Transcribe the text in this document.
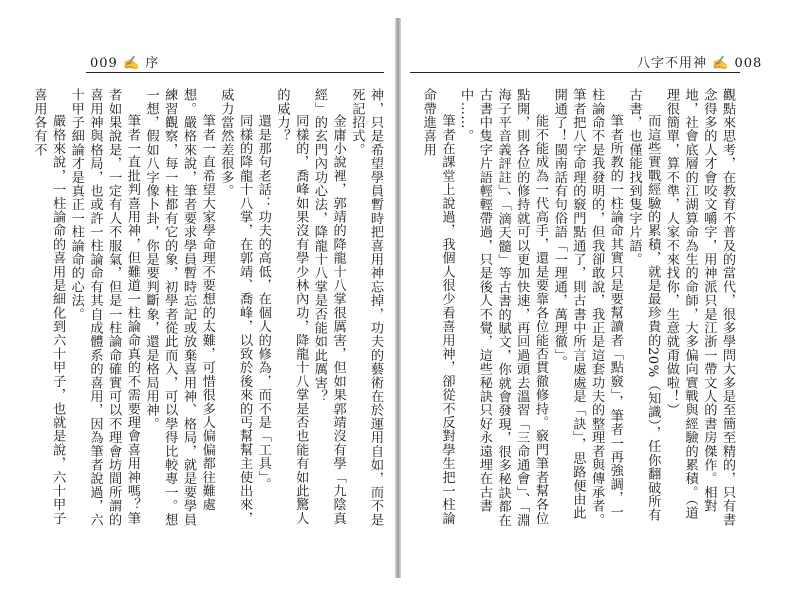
009 ✍ 序	八字不用神 ✍ 008

觀點來思考，在教育不普及的當代，很多學問大多是至簡至精的，只有書念得多的人才會咬文嚼字，用神派只是江浙一帶文人的書房傑作。相對地，社會底層的江湖算命為生的命師，大多偏向實戰與經驗的累積。（道理很簡單，算不準，人家不來找你，生意就甭做啦！）

而這些實戰經驗的累積，就是最珍貴的20%（知識），任你翻破所有古書，也僅能找到隻字片語。

筆者所教的一柱論命其實只是要幫讀者「點竅」，筆者一再強調，一柱論命不是我發明的，但我卻敢說，我正是這套功夫的整理者與傳承者。筆者把八字命理的竅門點通了，則古書中所言處處是「訣」，思路便由此開通了！閩南話有句俗語「一理通，萬理徹」。

能不能成為一代高手，還是要靠各位能否貫徹修持。竅門筆者幫各位點開，則各位的修持就可以更加快速，再回過頭去溫習「三命通會」、「淵海子平音義評註」、「滴天髓」等古書的賦文，你就會發現，很多秘訣都在古書中隻字片語輕輕帶過，只是後人不覺，這些秘訣只好永遠埋在古書中……。

筆者在課堂上說過，我個人很少看喜用神，卻從不反對學生把一柱論命帶進喜用

神，只是希望學員暫時把喜用神忘掉，功夫的藝術在於運用自如，而不是死記招式。

金庸小說裡，郭靖的降龍十八掌很厲害，但如果郭靖沒有學「九陰真經」的玄門內功心法，降龍十八掌是否能如此厲害？

同樣的，喬峰如果沒有學少林內功，降龍十八掌是否也能有如此驚人的威力？

還是那句老話：功夫的高低，在個人的修為，而不是「工具」。

同樣的降龍十八掌，在郭靖、喬峰，以致於後來的丐幫幫主使出來，威力當然差很多。

筆者一直希望大家學命理不要想的太難，可惜很多人偏偏都往難處想。嚴格來說，筆者要求學員暫時忘記或放棄喜用神、格局，就是要學員練習觀察，每一柱都有它的象，初學者從此而入，可以學得比較專一。想一想，假如八字像卜卦，你是要判斷象，還是格局用神。

筆者一直批判喜用神，但難道一柱論命真的不需要理會喜用神嗎？筆者如果說是，一定有人不服氣，但是一柱論命確實可以不理會坊間所謂的喜用神與格局，也或許一柱論命有其自成體系的喜用，因為筆者說過，六十甲子細論才是真正一柱論命的心法。

嚴格來說，一柱論命的喜用是細化到六十甲子，也就是說，六十甲子喜用各有不
